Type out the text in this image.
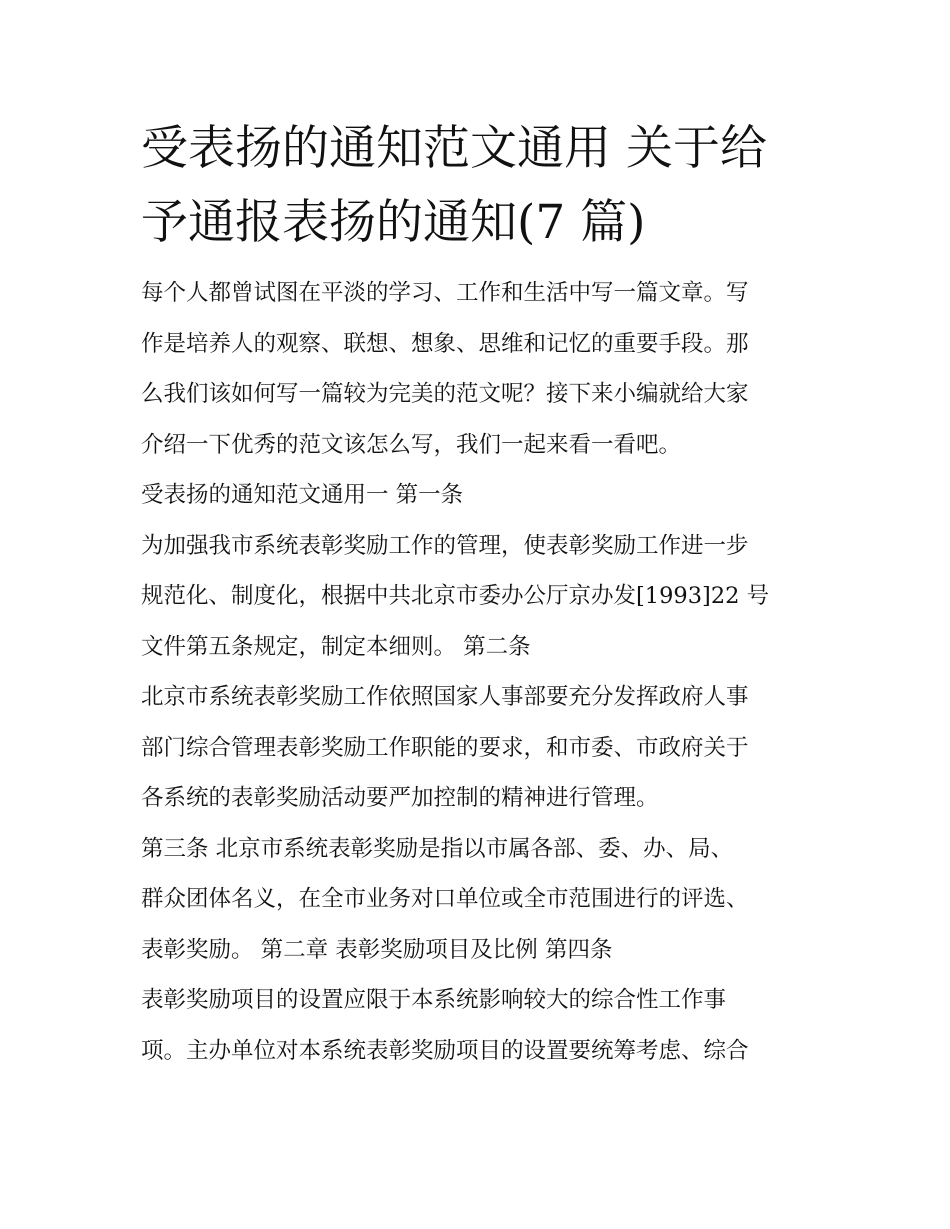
受表扬的通知范文通用 关于给
予通报表扬的通知(7 篇)

每个人都曾试图在平淡的学习、工作和生活中写一篇文章。写
作是培养人的观察、联想、想象、思维和记忆的重要手段。那
么我们该如何写一篇较为完美的范文呢？接下来小编就给大家
介绍一下优秀的范文该怎么写，我们一起来看一看吧。

受表扬的通知范文通用一 第一条

为加强我市系统表彰奖励工作的管理，使表彰奖励工作进一步
规范化、制度化，根据中共北京市委办公厅京办发[1993]22 号
文件第五条规定，制定本细则。 第二条

北京市系统表彰奖励工作依照国家人事部要充分发挥政府人事
部门综合管理表彰奖励工作职能的要求，和市委、市政府关于
各系统的表彰奖励活动要严加控制的精神进行管理。

第三条 北京市系统表彰奖励是指以市属各部、委、办、局、
群众团体名义，在全市业务对口单位或全市范围进行的评选、
表彰奖励。 第二章 表彰奖励项目及比例 第四条

表彰奖励项目的设置应限于本系统影响较大的综合性工作事
项。主办单位对本系统表彰奖励项目的设置要统筹考虑、综合
